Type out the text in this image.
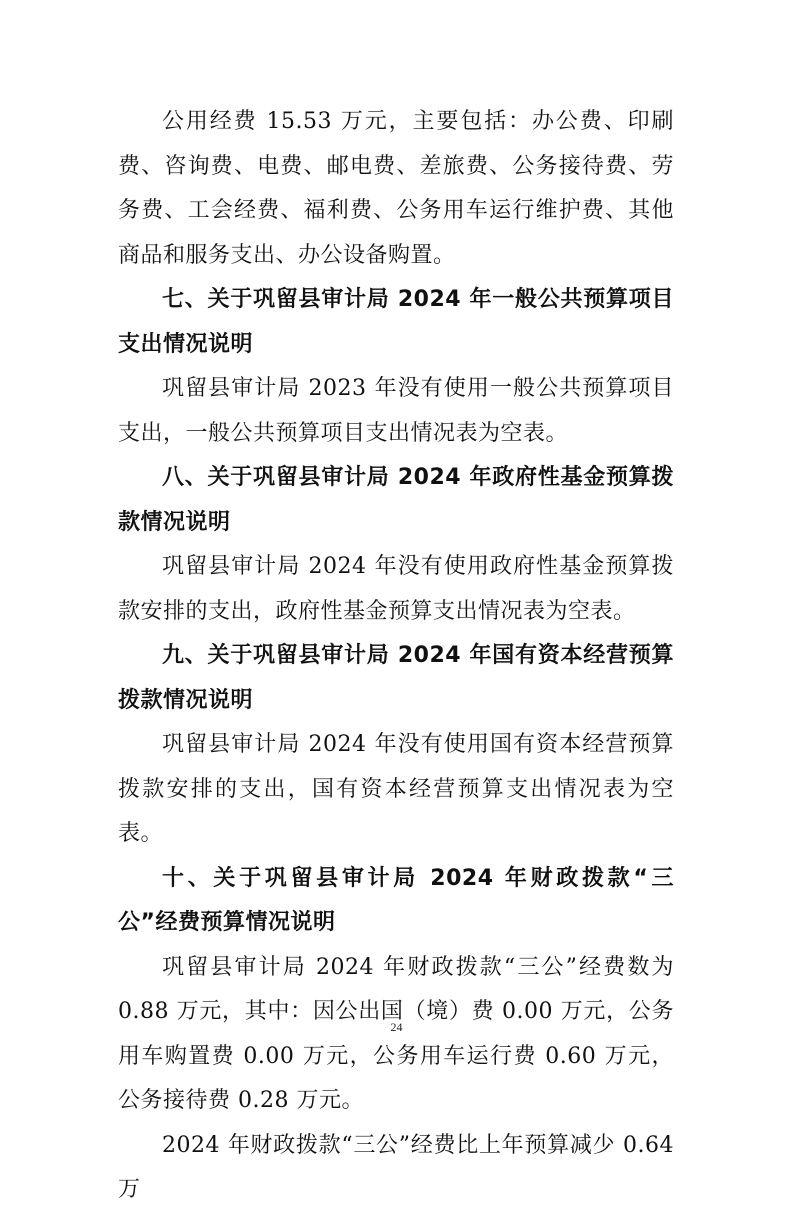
公用经费 15.53 万元，主要包括：办公费、印刷费、咨询费、电费、邮电费、差旅费、公务接待费、劳务费、工会经费、福利费、公务用车运行维护费、其他商品和服务支出、办公设备购置。

七、关于巩留县审计局 2024 年一般公共预算项目支出情况说明

巩留县审计局 2023 年没有使用一般公共预算项目支出，一般公共预算项目支出情况表为空表。

八、关于巩留县审计局 2024 年政府性基金预算拨款情况说明

巩留县审计局 2024 年没有使用政府性基金预算拨款安排的支出，政府性基金预算支出情况表为空表。

九、关于巩留县审计局 2024 年国有资本经营预算拨款情况说明

巩留县审计局 2024 年没有使用国有资本经营预算拨款安排的支出，国有资本经营预算支出情况表为空表。

十、关于巩留县审计局 2024 年财政拨款“三公”经费预算情况说明

巩留县审计局 2024 年财政拨款“三公”经费数为 0.88 万元，其中：因公出国（境）费 0.00 万元，公务用车购置费 0.00 万元，公务用车运行费 0.60 万元，公务接待费 0.28 万元。

2024 年财政拨款“三公”经费比上年预算减少 0.64 万

24
